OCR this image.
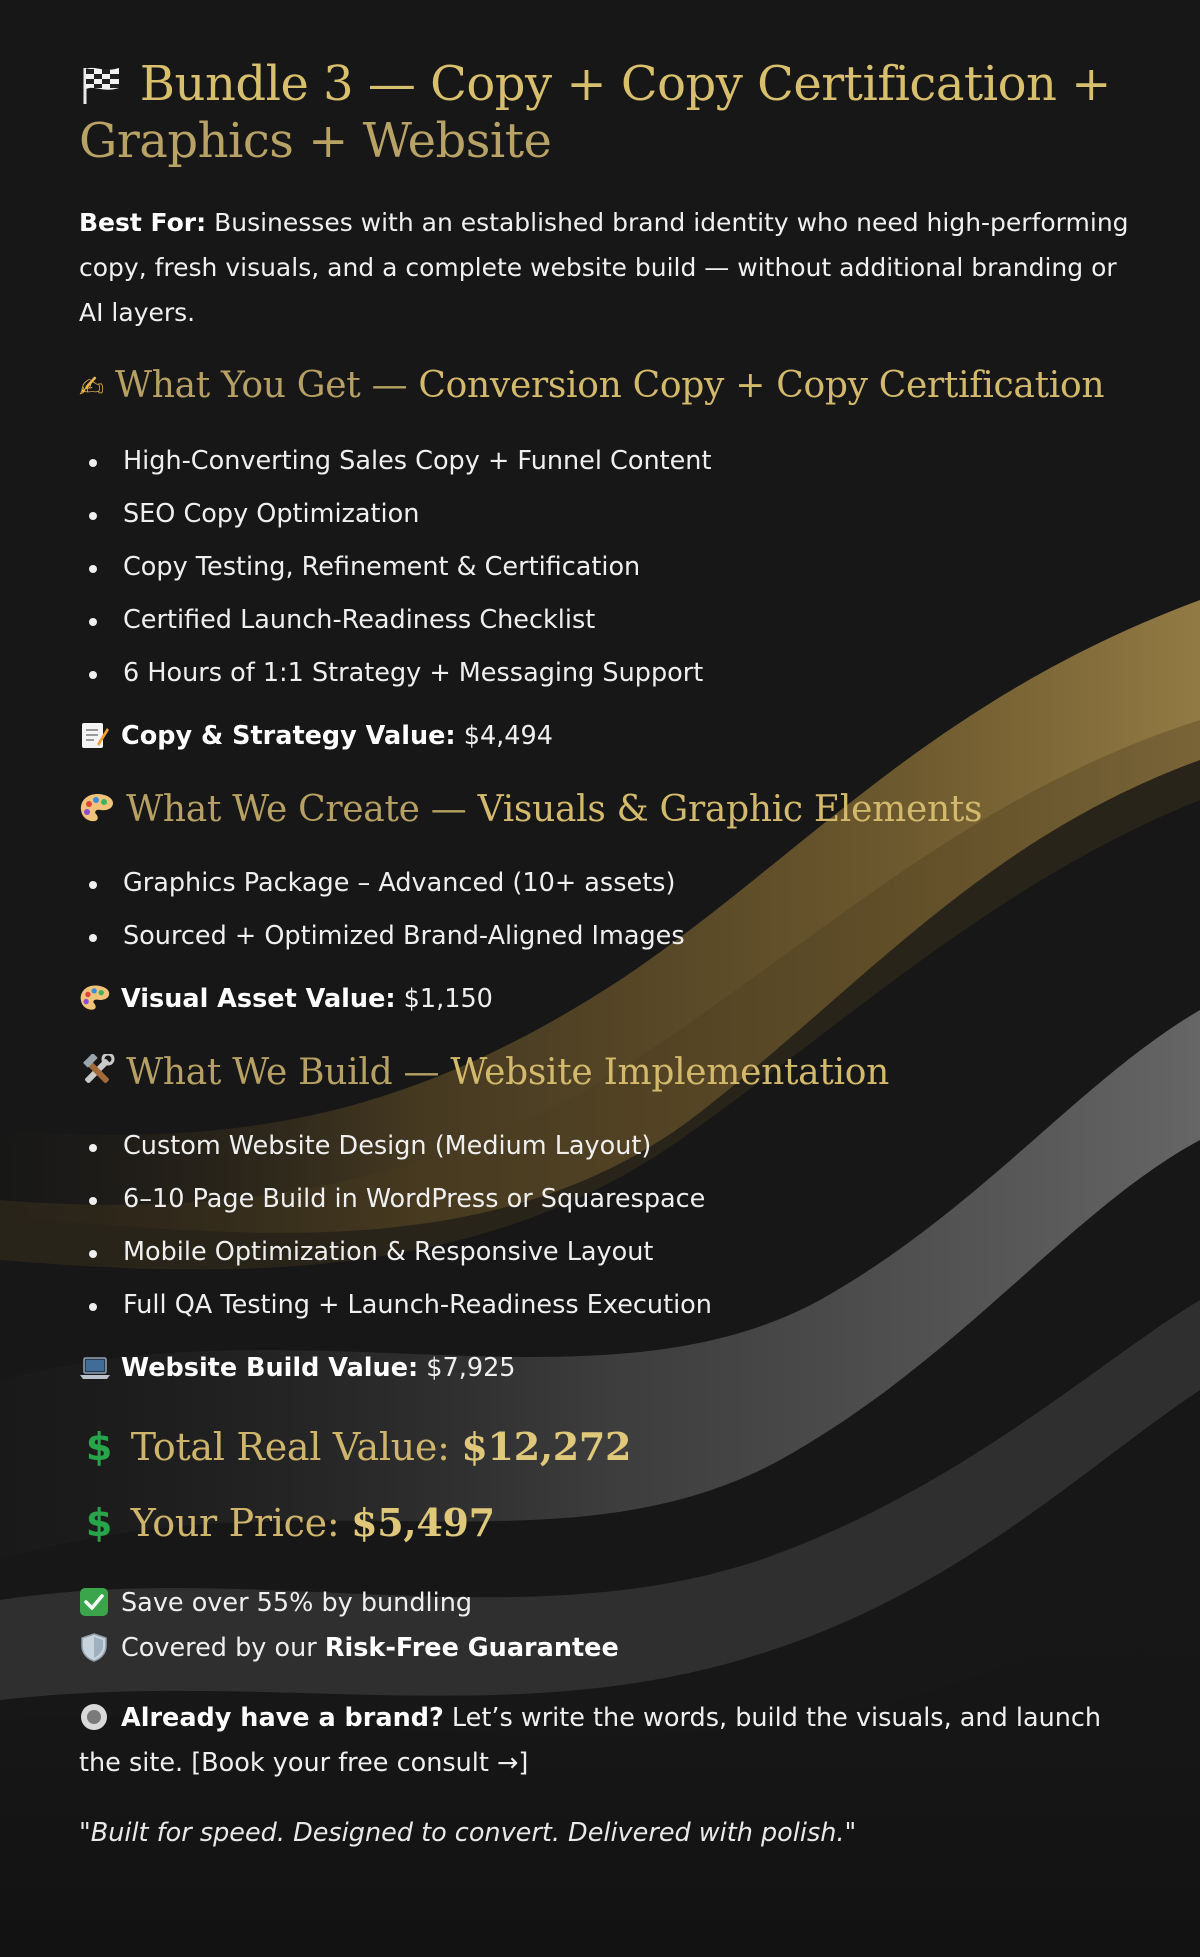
Bundle 3 — Copy + Copy Certification +
Graphics + Website

Best For: Businesses with an established brand identity who need high-performing copy, fresh visuals, and a complete website build — without additional branding or AI layers.

✍ What You Get — Conversion Copy + Copy Certification
High-Converting Sales Copy + Funnel Content
SEO Copy Optimization
Copy Testing, Refinement & Certification
Certified Launch-Readiness Checklist
6 Hours of 1:1 Strategy + Messaging Support

Copy & Strategy Value: $4,494

What We Create — Visuals & Graphic Elements
Graphics Package – Advanced (10+ assets)
Sourced + Optimized Brand-Aligned Images

Visual Asset Value: $1,150

What We Build — Website Implementation
Custom Website Design (Medium Layout)
6–10 Page Build in WordPress or Squarespace
Mobile Optimization & Responsive Layout
Full QA Testing + Launch-Readiness Execution

Website Build Value: $7,925

$ Total Real Value: $12,272
$ Your Price: $5,497
Save over 55% by bundling
Covered by our Risk-Free Guarantee
Already have a brand? Let’s write the words, build the visuals, and launch the site. [Book your free consult →]
"Built for speed. Designed to convert. Delivered with polish."
